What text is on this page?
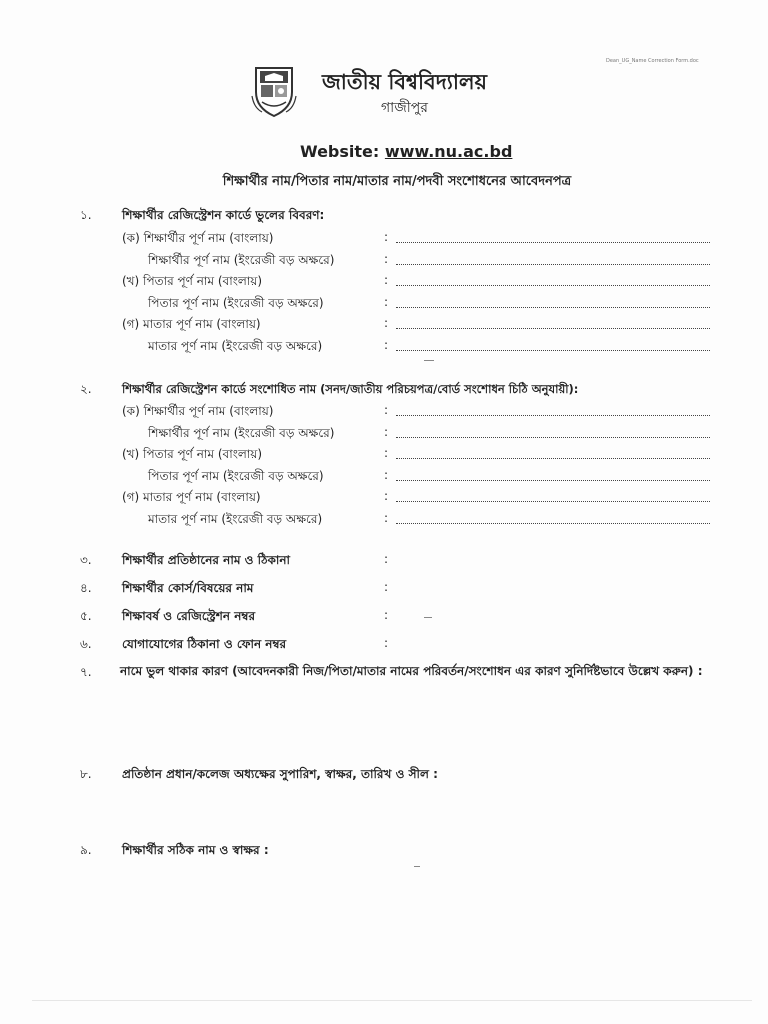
Dean_UG_Name Correction Form.doc
জাতীয় বিশ্ববিদ্যালয়
গাজীপুর
Website: www.nu.ac.bd
শিক্ষার্থীর নাম/পিতার নাম/মাতার নাম/পদবী সংশোধনের আবেদনপত্র
১.	শিক্ষার্থীর রেজিস্ট্রেশন কার্ডে ভুলের বিবরণ:
(ক) শিক্ষার্থীর পূর্ণ নাম (বাংলায়)	:
শিক্ষার্থীর পূর্ণ নাম (ইংরেজী বড় অক্ষরে)	:
(খ) পিতার পূর্ণ নাম (বাংলায়)	:
পিতার পূর্ণ নাম (ইংরেজী বড় অক্ষরে)	:
(গ) মাতার পূর্ণ নাম (বাংলায়)	:
মাতার পূর্ণ নাম (ইংরেজী বড় অক্ষরে)	:
২.	শিক্ষার্থীর রেজিস্ট্রেশন কার্ডে সংশোধিত নাম (সনদ/জাতীয় পরিচয়পত্র/বোর্ড সংশোধন চিঠি অনুযায়ী):
(ক) শিক্ষার্থীর পূর্ণ নাম (বাংলায়)	:
শিক্ষার্থীর পূর্ণ নাম (ইংরেজী বড় অক্ষরে)	:
(খ) পিতার পূর্ণ নাম (বাংলায়)	:
পিতার পূর্ণ নাম (ইংরেজী বড় অক্ষরে)	:
(গ) মাতার পূর্ণ নাম (বাংলায়)	:
মাতার পূর্ণ নাম (ইংরেজী বড় অক্ষরে)	:
৩.	শিক্ষার্থীর প্রতিষ্ঠানের নাম ও ঠিকানা	:
৪.	শিক্ষার্থীর কোর্স/বিষয়ের নাম	:
৫.	শিক্ষাবর্ষ ও রেজিস্ট্রেশন নম্বর	:
৬.	যোগাযোগের ঠিকানা ও ফোন নম্বর	:
৭. নামে ভুল থাকার কারণ (আবেদনকারী নিজ/পিতা/মাতার নামের পরিবর্তন/সংশোধন এর কারণ সুনির্দিষ্টভাবে উল্লেখ করুন) :
৮.	প্রতিষ্ঠান প্রধান/কলেজ অধ্যক্ষের সুপারিশ, স্বাক্ষর, তারিখ ও সীল :
৯.	শিক্ষার্থীর সঠিক নাম ও স্বাক্ষর :
